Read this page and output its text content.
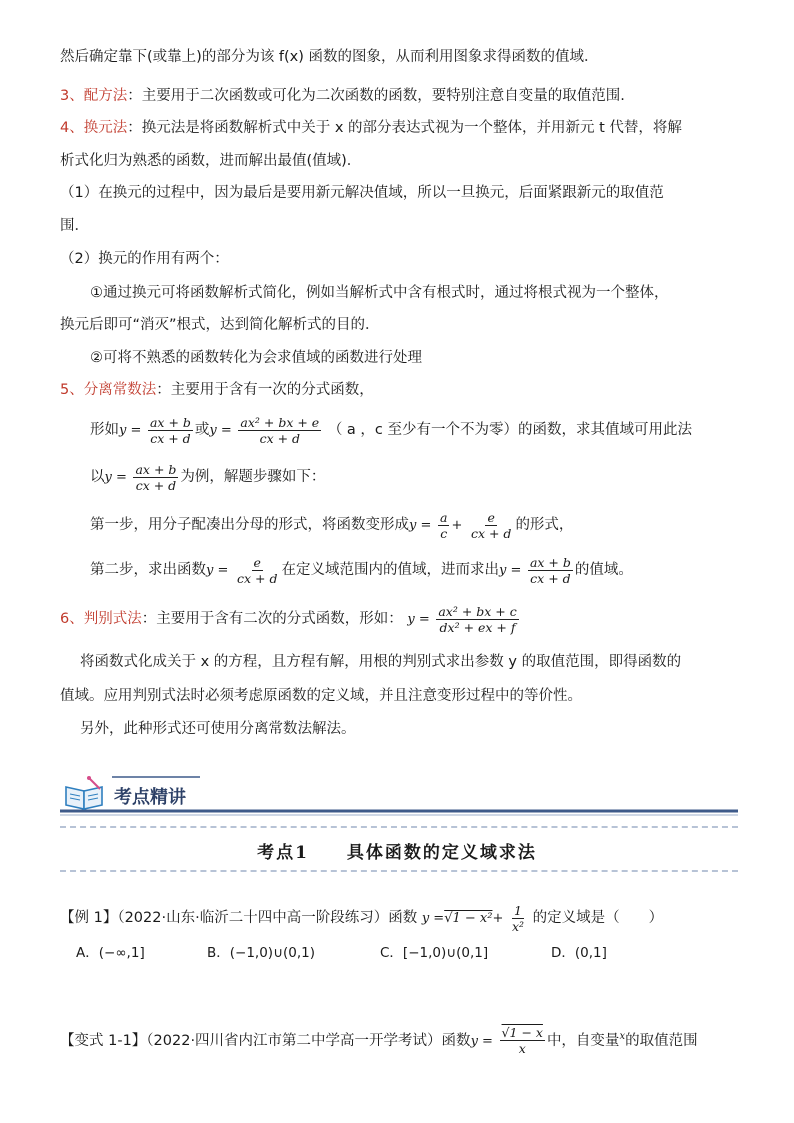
然后确定靠下(或靠上)的部分为该 f(x) 函数的图象，从而利用图象求得函数的值域．
3、配方法：主要用于二次函数或可化为二次函数的函数，要特别注意自变量的取值范围.
4、换元法：换元法是将函数解析式中关于 x 的部分表达式视为一个整体，并用新元 t 代替，将解
析式化归为熟悉的函数，进而解出最值(值域)．
（1）在换元的过程中，因为最后是要用新元解决值域，所以一旦换元，后面紧跟新元的取值范
围．
（2）换元的作用有两个：
①通过换元可将函数解析式简化，例如当解析式中含有根式时，通过将根式视为一个整体，
换元后即可“消灭”根式，达到简化解析式的目的．
②可将不熟悉的函数转化为会求值域的函数进行处理
5、分离常数法：主要用于含有一次的分式函数，
形如$y = \frac{ax + b}{cx + d}$ 或$y = \frac{\text{ax² + bx + e}}{cx + d}$ （ a ，c 至少有一个不为零）的函数，求其值域可用此法
以$y = \frac{ax + b}{cx + d}$ 为例，解题步骤如下：
第一步，用分子配凑出分母的形式，将函数变形成$y = \frac{a}{c} + \frac{e}{cx + d}$ 的形式，
第二步，求出函数$y = \frac{e}{cx + d}$ 在定义域范围内的值域，进而求出$y = \frac{ax + b}{cx + d}$ 的值域。
6、判别式法：主要用于含有二次的分式函数，形如： $y = \frac{\text{ax² + bx + c}}{\text{dx² + ex + f}}$
将函数式化成关于 x 的方程，且方程有解，用根的判别式求出参数 y 的取值范围，即得函数的
值域。应用判别式法时必须考虑原函数的定义域，并且注意变形过程中的等价性。
另外，此种形式还可使用分离常数法解法。
考点精讲
考点1　　具体函数的定义域求法
【例 1】（2022·山东·临沂二十四中高一阶段练习）函数 $y =√1 - x^2+ \frac{1}{\text{x²}}$ 的定义域是（　　）
A．(−∞,1]	B．(−1,0)∪(0,1)	C．[−1,0)∪(0,1]	D．(0,1]
【变式 1-1】（2022·四川省内江市第二中学高一开学考试）函数$y = \frac{√1 - x}{x}$ 中，自变量$^x$的取值范围
